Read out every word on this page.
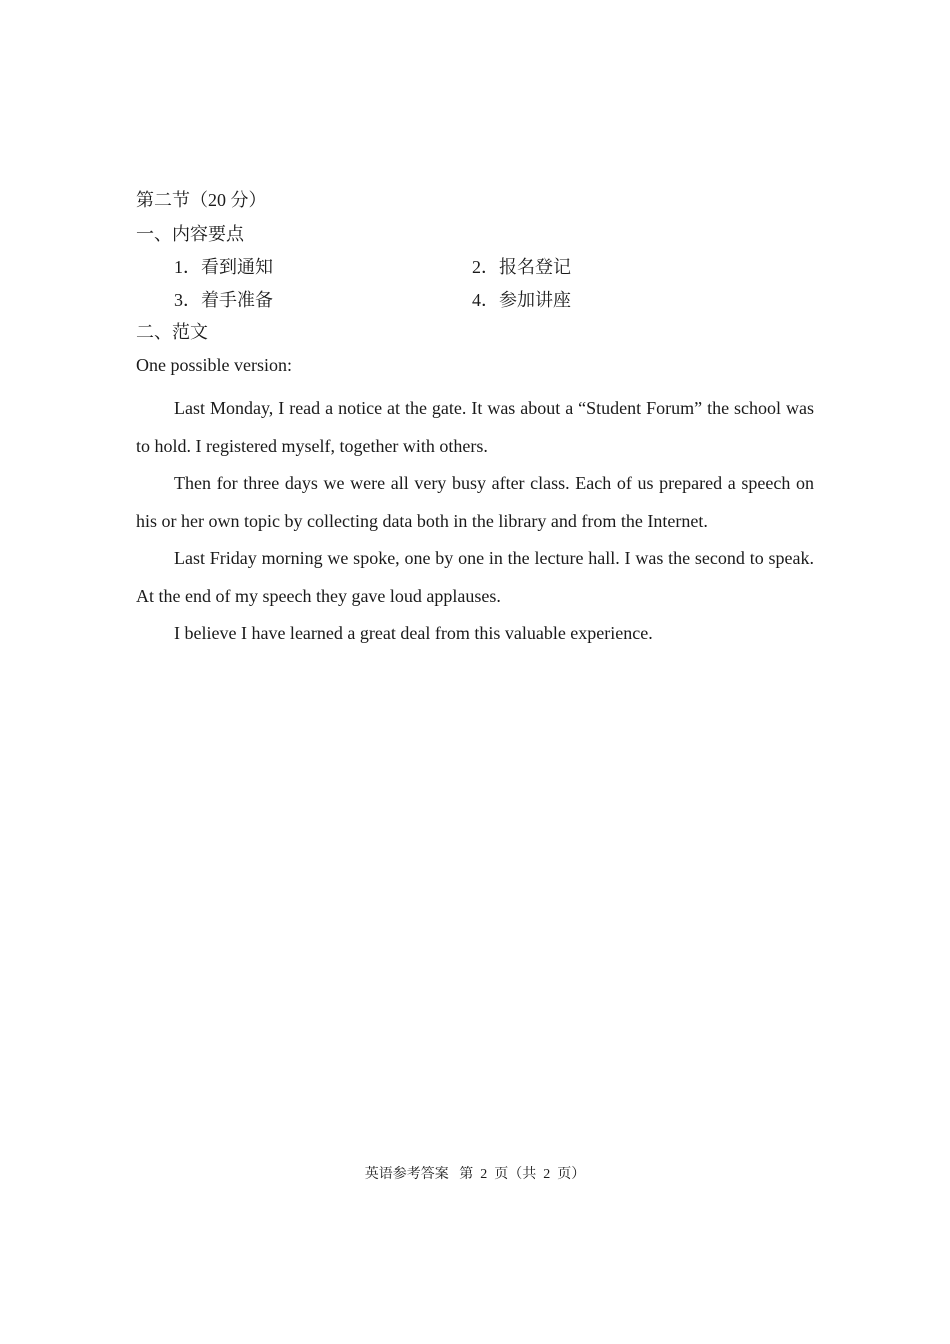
第二节（20 分）
一、内容要点
1．看到通知	2．报名登记
3．着手准备	4．参加讲座
二、范文
One possible version:

Last Monday, I read a notice at the gate. It was about a “Student Forum” the school was to hold. I registered myself, together with others.

Then for three days we were all very busy after class. Each of us prepared a speech on his or her own topic by collecting data both in the library and from the Internet.

Last Friday morning we spoke, one by one in the lecture hall. I was the second to speak. At the end of my speech they gave loud applauses.

I believe I have learned a great deal from this valuable experience.

英语参考答案   第  2  页（共  2  页）
